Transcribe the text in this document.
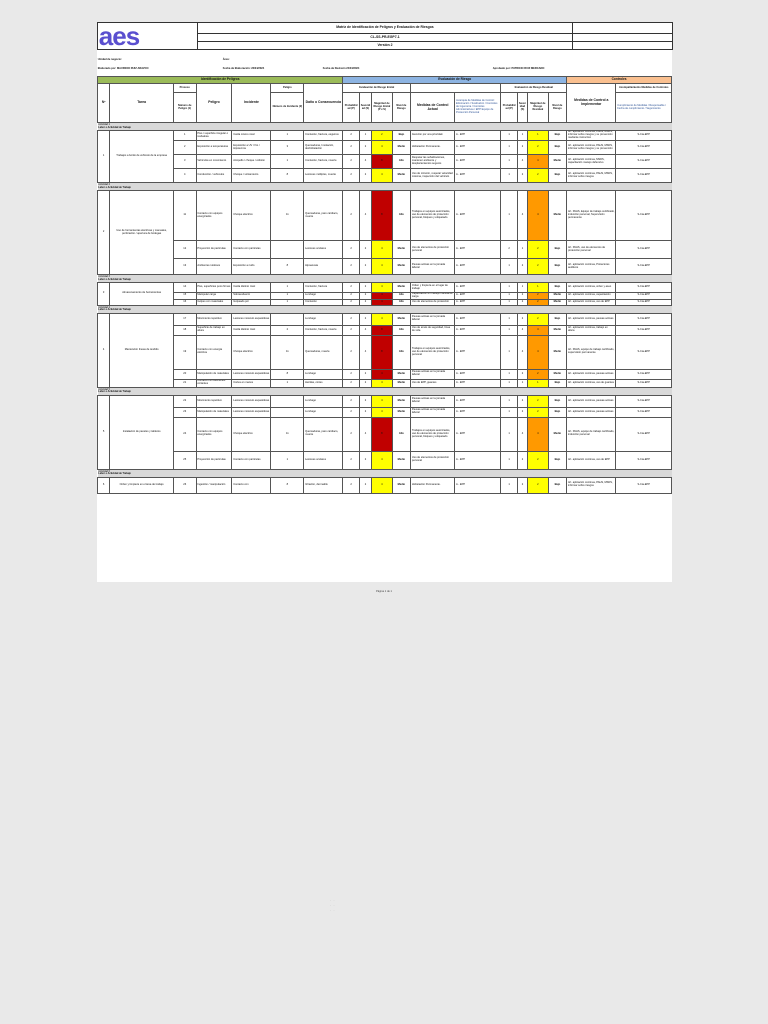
aes	Matriz de Identificación de Peligros y Evaluación de Riesgos	
	CL-SS-PR-EGP7-1	
	Versión 2	
Unidad de negocio:	Área:		
Elaborado por: MAURICIO RUIZ ARAVCO	Fecha de Elaboración: 23/04/2024	Fecha de Revisión 24/04/2024	Aprobado por: PATRICIO RUIZ MERCADO
Identificación de Peligros							Evaluación de Riesgo										Controles	
Nº	Tarea	Proceso	Peligro	Incidente	Peligro	Daño o Consecuencia	Evaluación de Riesgo Inicial						Evaluación de Riesgo Residual				Medidas de Control a Implementar	Acompañamiento Medidas de Controles
		Número de Peligro (1)			Número de Incidente (2)		Probabilidad (P)	Severidad (S)	Magnitud de Riesgo Inicial (P x S)	Nivel de Riesgo	Medidas de Control Actual	Jerarquía de Medidas de Control: Eliminación / Sustitución / Controles de Ingeniería / Controles Administrativos / EPP Equipo de Protección Personal	Probabilidad (P)	Severidad (S)	Magnitud de Riesgo Residual	Nivel de Riesgo		Cumplimiento de Medidas / Responsable / Fecha de cumplimiento / Seguimiento

Actividad 1
Labor o Actividad de Trabajo																		

1	Trabajos a bordo de vehículo de la empresa	1	Piso / superficie irregular o resbalosa	Caída mismo nivel	1	Contusión, fractura, esguince	2	1	2	Bajo	Atención por una prioridad.	A - EPP	1	1	1	Bajo	Art. aplicación continua, PAHS, MSDS, informar sobre riesgos y su prevención mediante instructivo	S-Cia-EPP
		2	Exposición a temperaturas	Exposición a UV / frío / Hipotermia	3	Quemaduras, Insolación, deshidratación	2	2	4	Medio	Hidratación Permanente.	A - EPP	1	2	2	Bajo	Art. aplicación continua, PAHS, MSDS, informar sobre riesgos y su prevención	S-Cia-EPP
		3	Vehículos en movimiento	Atropello / choque / colisión	1	Contusión, fractura, muerte	2	4	8	Alto	Respetar las señalizaciones, mantener ambiente y desplazamientos seguros	A - EPP	1	4	4	Medio	Art. aplicación continua, MSDS, capacitación manejo defensivo	S-Cia-EPP
		4	Conducción / vehículos	Choque / volcamiento	8	Lesiones múltiples, muerte	2	2	4	Medio	Uso de cinturón, respetar velocidad máxima, inspección del vehículo	A - EPP	1	2	2	Bajo	Art. aplicación continua, PAHS, MSDS, informar sobre riesgos	S-Cia-EPP

Actividad 2
Labor o Actividad de Trabajo																		

2	Uso de herramientas eléctricas y manuales, perforación / apertura de bodegas	11	Contacto con equipos energizados	Choque eléctrico	11	Quemaduras, paro cardíaco, muerte	2	4	8	Alto	Trabajos en equipos autorizados, uso de elementos de protección personal, bloqueo y etiquetado	A - EPP	1	4	4	Medio	Art. PAHS, Equipo de trabajo certificado, inducción personal, Supervisión permanente	S-Cia-EPP
		12	Proyección de partículas	Contacto con partículas		Lesiones oculares	2	2	4	Medio	Uso de elementos de protección personal	A - EPP	2	1	2	Bajo	Art. PAHS, uso de elementos de protección personal	S-Cia-EPP
		13	Ambientes ruidosos	Exposición a ruido	8	Hipoacusia	2	2	4	Medio	Pausas activas en la jornada laboral	A - EPP	1	2	2	Bajo	Art. aplicación continua, Protectores auditivos	S-Cia-EPP

Actividad 3
Labor o Actividad de Trabajo																		

3	Almacenamiento de herramientas	14	Piso, superficies poco firmes	Caída distinto nivel	1	Contusión, fractura	2	2	4	Medio	Orden y limpieza en el lugar de trabajo	A - EPP	1	1	1	Bajo	Art. aplicación continua, orden y aseo	S-Cia-EPP
		15	Manipular carga	Sobreesfuerzo	1	Lumbago	2	2	4	Alto	Capacitación en manejo manual de carga	A - EPP	1	2	2	Medio	Art. aplicación continua, capacitación	S-Cia-EPP
		16	Golpes con materiales	Golpeado por	1	Contusión	2	2	4	Alto	Uso de elementos de protección	A - EPP	1	2	2	Medio	Art. aplicación continua, uso de EPP	S-Cia-EPP

Actividad 4
Labor o Actividad de Trabajo																		

4	Mantención líneas de tendido	17	Movimiento repetitivo	Lesiones músculo esqueléticas		Lumbago	2	2	4	Medio	Pausas activas en la jornada laboral	A - EPP	1	2	2	Bajo	Art. aplicación continua, pausas activas	S-Cia-EPP
		18	Superficie de trabajo en altura	Caída distinto nivel	2	Contusión, fractura, muerte	2	4	8	Alto	Uso de arnés de seguridad, línea de vida	A - EPP	1	4	4	Medio	Art. aplicación continua, trabajo en altura	S-Cia-EPP
		19	Contacto con energía eléctrica	Choque eléctrico	11	Quemaduras, muerte	2	4	8	Alto	Trabajos en equipos autorizados, uso de elementos de protección personal	A - EPP	1	4	4	Medio	Art. PAHS, equipo de trabajo certificado, supervisión permanente	S-Cia-EPP
		20	Manipulación de materiales	Lesiones músculo esqueléticas	8	Lumbago	2	2	4	Medio	Pausas activas en la jornada laboral	A - EPP	1	2	2	Medio	Art. aplicación continua, pausas activas	S-Cia-EPP
		21	Contacto con elementos cortantes	Cortes en manos	1	Heridas, cortes	2	2	4	Medio	Uso de EPP, guantes	A - EPP	1	1	1	Bajo	Art. aplicación continua, uso de guantes	S-Cia-EPP

Actividad 5
Labor o Actividad de Trabajo																		

5	Instalación de paneles y tableros	22	Movimiento repetitivo	Lesiones músculo esqueléticas		Lumbago	2	2	4	Medio	Pausas activas en la jornada laboral	A - EPP	1	2	2	Bajo	Art. aplicación continua, pausas activas	S-Cia-EPP
		23	Manipulación de materiales	Lesiones músculo esqueléticas		Lumbago	2	2	4	Medio	Pausas activas en la jornada laboral	A - EPP	1	2	2	Bajo	Art. aplicación continua, pausas activas	S-Cia-EPP
		24	Contacto con equipos energizados	Choque eléctrico	11	Quemaduras, paro cardíaco, muerte	2	4	8	Alto	Trabajos en equipos autorizados, uso de elementos de protección personal, bloqueo y etiquetado	A - EPP	1	4	4	Medio	Art. PAHS, equipo de trabajo certificado, inducción personal	S-Cia-EPP
		25	Proyección de partículas	Contacto con partículas	1	Lesiones oculares	2	2	4	Medio	Uso de elementos de protección personal	A - EPP	1	2	2	Bajo	Art. aplicación continua, uso de EPP	S-Cia-EPP

Actividad 6
Labor o Actividad de Trabajo																		

6	Orden y limpieza en el área de trabajo	26	Ingestión / manipulación	Contacto con	8	Irritación, dermatitis	2	2	4	Medio	Hidratación Permanente.	A - EPP	1	2	2	Bajo	Art. aplicación continua, PAHS, MSDS, informar sobre riesgos	S-Cia-EPP
Página 1 de 1
·   ·
·   ·
·   ·
